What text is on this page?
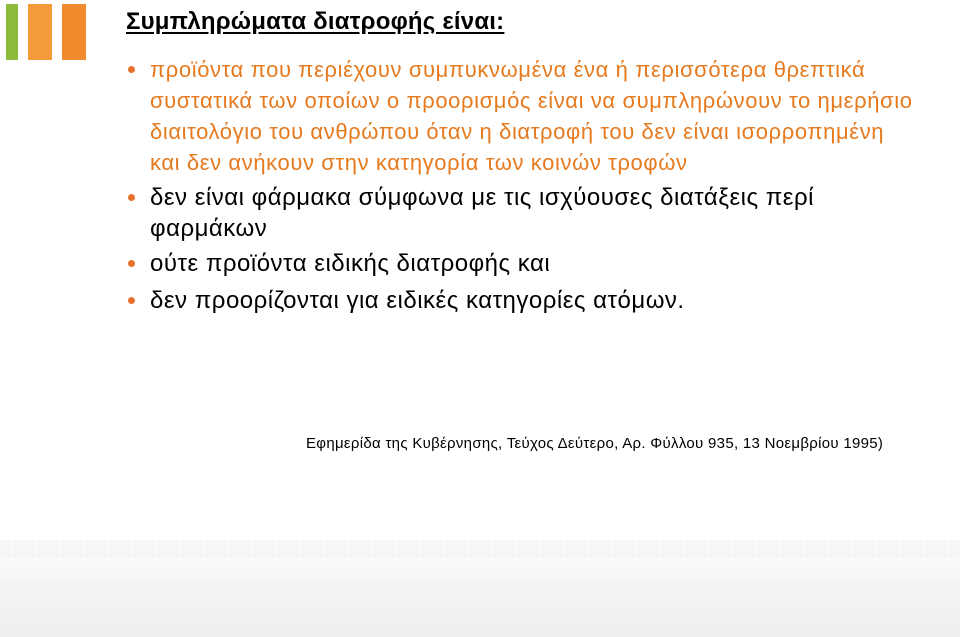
Συμπληρώματα διατροφής είναι:
προϊόντα που περιέχουν συμπυκνωμένα ένα ή περισσότερα θρεπτικά συστατικά των οποίων ο προορισμός είναι να συμπληρώνουν το ημερήσιο διαιτολόγιο του ανθρώπου όταν η διατροφή του δεν είναι ισορροπημένη και δεν ανήκουν στην κατηγορία των κοινών τροφών
δεν είναι φάρμακα σύμφωνα με τις ισχύουσες διατάξεις περί φαρμάκων
ούτε προϊόντα ειδικής διατροφής και
δεν προορίζονται για ειδικές κατηγορίες ατόμων.
Εφημερίδα της Κυβέρνησης, Τεύχος Δεύτερο, Αρ. Φύλλου 935, 13 Νοεμβρίου 1995)
